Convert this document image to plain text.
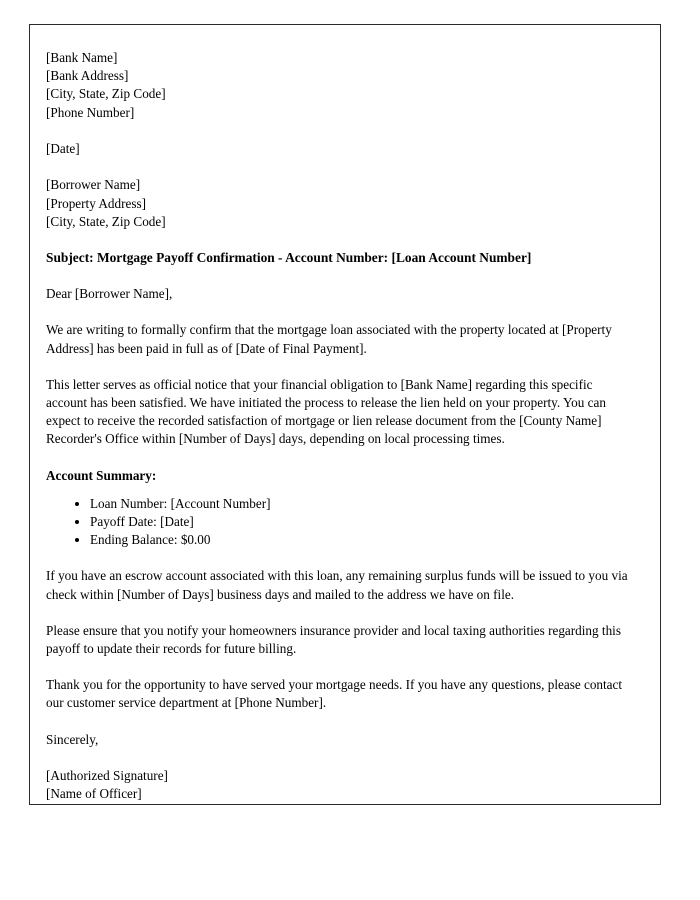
[Bank Name]
[Bank Address]
[City, State, Zip Code]
[Phone Number]
[Date]
[Borrower Name]
[Property Address]
[City, State, Zip Code]

Subject: Mortgage Payoff Confirmation - Account Number: [Loan Account Number]

Dear [Borrower Name],

We are writing to formally confirm that the mortgage loan associated with the property located at [Property Address] has been paid in full as of [Date of Final Payment].

This letter serves as official notice that your financial obligation to [Bank Name] regarding this specific account has been satisfied. We have initiated the process to release the lien held on your property. You can expect to receive the recorded satisfaction of mortgage or lien release document from the [County Name] Recorder's Office within [Number of Days] days, depending on local processing times.

Account Summary:

• Loan Number: [Account Number]
• Payoff Date: [Date]
• Ending Balance: $0.00

If you have an escrow account associated with this loan, any remaining surplus funds will be issued to you via check within [Number of Days] business days and mailed to the address we have on file.

Please ensure that you notify your homeowners insurance provider and local taxing authorities regarding this payoff to update their records for future billing.

Thank you for the opportunity to have served your mortgage needs. If you have any questions, please contact our customer service department at [Phone Number].

Sincerely,

[Authorized Signature]
[Name of Officer]
